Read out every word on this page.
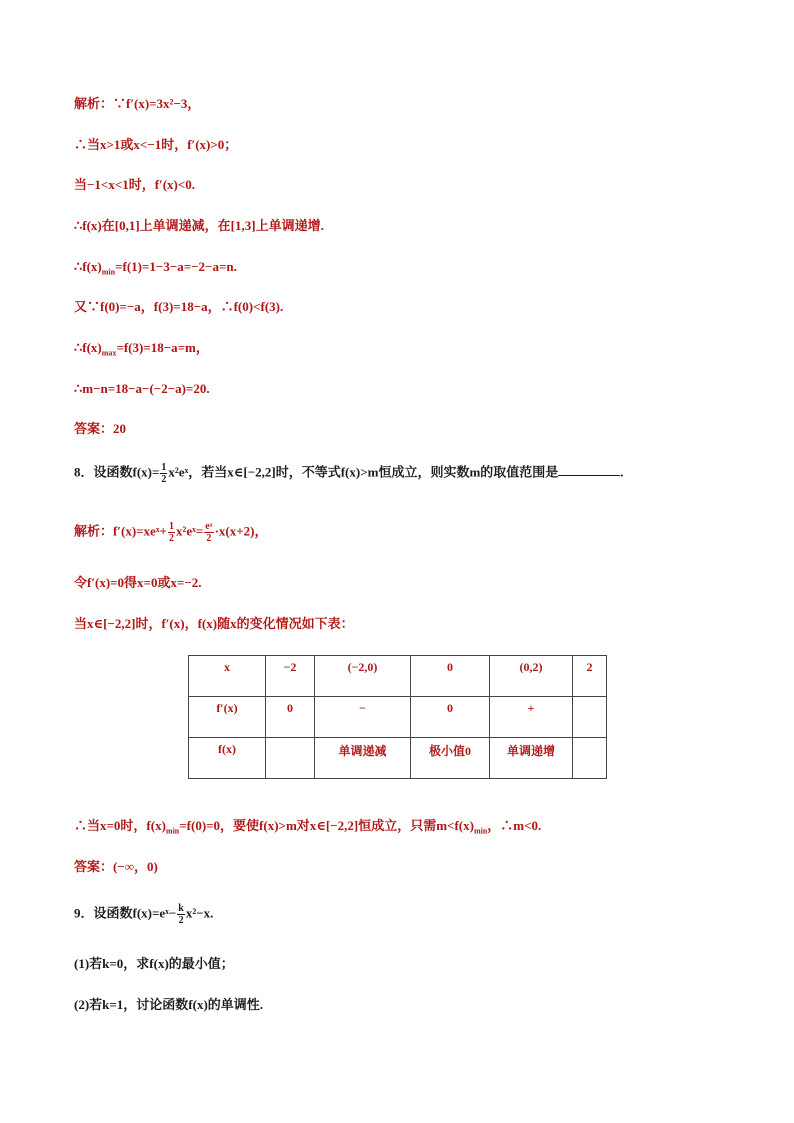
解析：∵f′(x)=3x²−3，
∴当x>1或x<−1时，f′(x)>0；
当−1<x<1时，f′(x)<0.
∴f(x)在[0,1]上单调递减，在[1,3]上单调递增.
$\therefore f(x)_{min}=f(1)=1-3-a=-2-a=n$.
又∵f(0)=−a，f(3)=18−a，∴f(0)<f(3).
$\therefore f(x)_{max}=f(3)=18-a=m$，
∴m−n=18−a−(−2−a)=20.
答案：20
8．设函数$f(x)= \frac{1}{2}$ x²eˣ，若当x∈[−2,2]时，不等式f(x)>m恒成立，则实数m的取值范围是	.
解析：f′(x)=xeˣ+ $\frac{1}{2}$ x²eˣ= $\frac{\text{eˣ}}{2} \cdot x(x+2)$，
令f′(x)=0得x=0或x=−2.
当x∈[−2,2]时，f′(x)，f(x)随x的变化情况如下表：
x	−2	(−2,0)	0	(0,2)	2

f′(x)	0	−	0	+	

f(x)		单调递减	极小值0	单调递增	

∴当x=0时，$f(x)_{min}=f(0)=0$，要使f(x)>m对x∈[−2,2]恒成立，只需$m<f(x)_{min}$，∴m<0.
答案：(−∞，0)
9．设函数f(x)=eˣ− $\frac{k}{2} x^2-x$.
(1)若k=0，求f(x)的最小值；
(2)若k=1，讨论函数f(x)的单调性.
